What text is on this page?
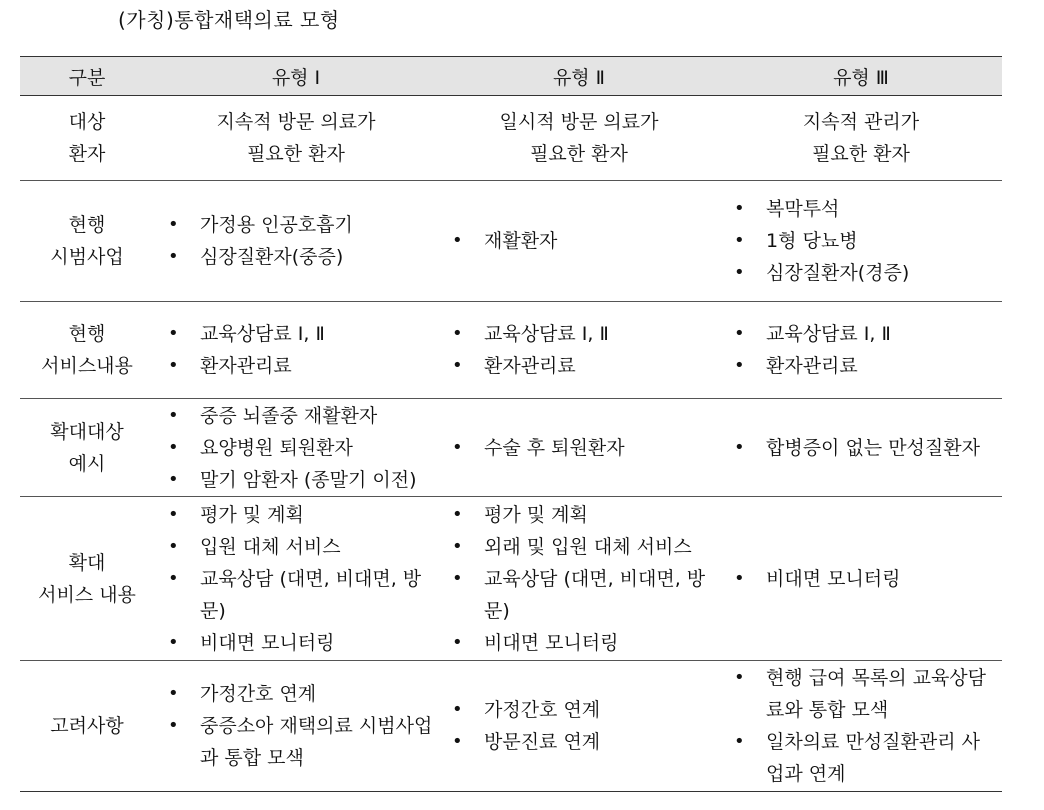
(가칭)통합재택의료 모형
구분	유형 Ⅰ	유형 Ⅱ	유형 Ⅲ
대상
환자
지속적 방문 의료가
필요한 환자
일시적 방문 의료가
필요한 환자
지속적 관리가
필요한 환자
현행
시범사업
• 가정용 인공호흡기
• 심장질환자(중증)
• 재활환자
• 복막투석
• 1형 당뇨병
• 심장질환자(경증)
현행
서비스내용
• 교육상담료 Ⅰ, Ⅱ
• 환자관리료
• 교육상담료 Ⅰ, Ⅱ
• 환자관리료
• 교육상담료 Ⅰ, Ⅱ
• 환자관리료
확대대상
예시
• 중증 뇌졸중 재활환자
• 요양병원 퇴원환자
• 말기 암환자 (종말기 이전)
• 수술 후 퇴원환자
•	합병증이 없는 만성질환자
확대
서비스 내용
• 평가 및 계획
• 입원 대체 서비스
• 교육상담 (대면, 비대면, 방문)
• 비대면 모니터링
• 평가 및 계획
• 외래 및 입원 대체 서비스
• 교육상담 (대면, 비대면, 방문)
• 비대면 모니터링
• 비대면 모니터링
고려사항
• 가정간호 연계
• 중증소아 재택의료 시범사업과 통합 모색
• 가정간호 연계
• 방문진료 연계
• 현행 급여 목록의 교육상담료와 통합 모색
• 일차의료 만성질환관리 사업과 연계
